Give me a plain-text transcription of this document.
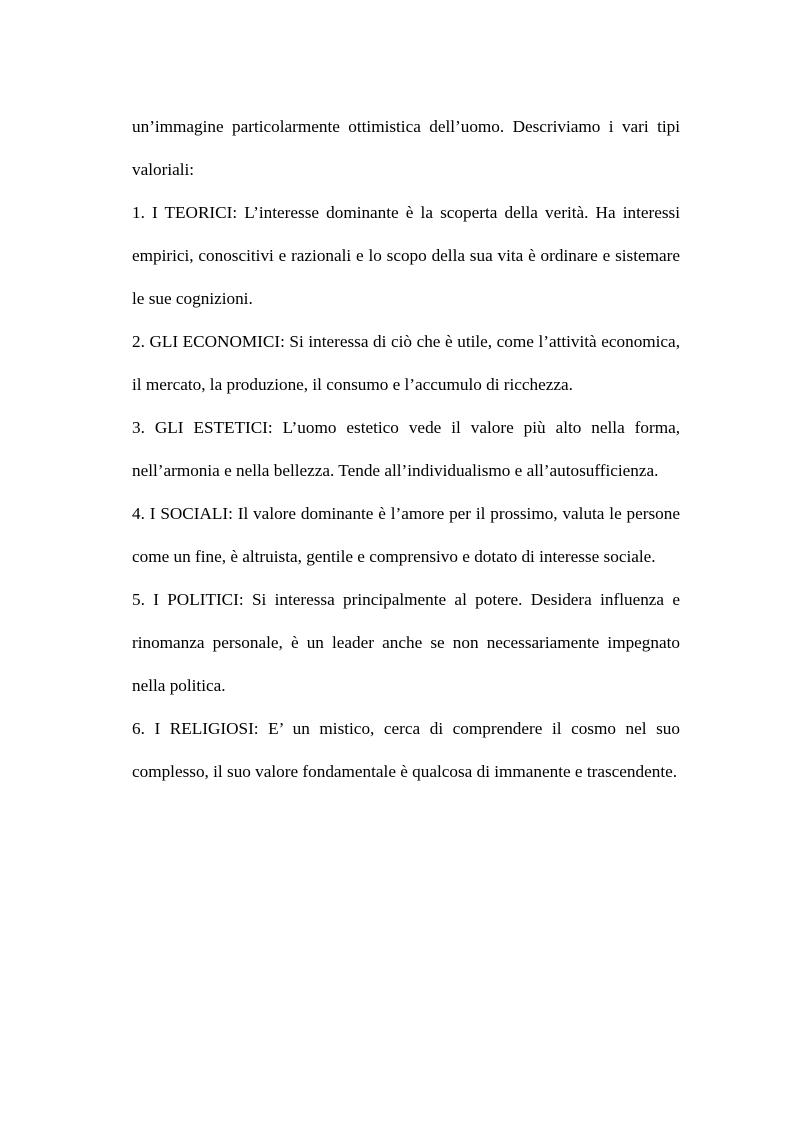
un’immagine particolarmente ottimistica dell’uomo. Descriviamo i vari tipi valoriali:

1. I TEORICI: L’interesse dominante è la scoperta della verità. Ha interessi empirici, conoscitivi e razionali e lo scopo della sua vita è ordinare e sistemare le sue cognizioni.

2. GLI ECONOMICI: Si interessa di ciò che è utile, come l’attività economica, il mercato, la produzione, il consumo e l’accumulo di ricchezza.

3. GLI ESTETICI: L’uomo estetico vede il valore più alto nella forma, nell’armonia e nella bellezza. Tende all’individualismo e all’autosufficienza.

4. I SOCIALI: Il valore dominante è l’amore per il prossimo, valuta le persone come un fine, è altruista, gentile e comprensivo e dotato di interesse sociale.

5. I POLITICI: Si interessa principalmente al potere. Desidera influenza e rinomanza personale, è un leader anche se non necessariamente impegnato nella politica.

6. I RELIGIOSI: E’ un mistico, cerca di comprendere il cosmo nel suo complesso, il suo valore fondamentale è qualcosa di immanente e trascendente.
